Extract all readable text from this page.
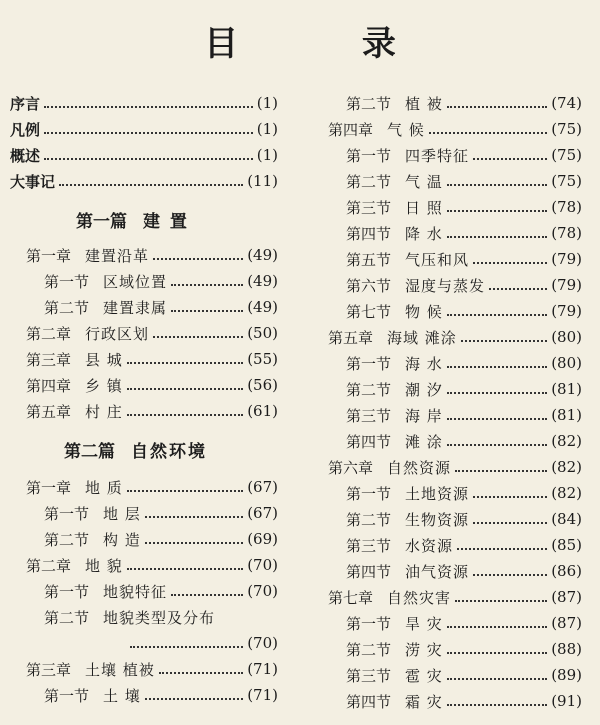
目 录
序言	(1)
凡例	(1)
概述	(1)
大事记	(11)
第一篇 建 置
第一章 建置沿革	(49)
第一节 区域位置	(49)
第二节 建置隶属	(49)
第二章 行政区划	(50)
第三章 县 城	(55)
第四章 乡 镇	(56)
第五章 村 庄	(61)
第二篇 自然环境
第一章 地 质	(67)
第一节 地 层	(67)
第二节 构 造	(69)
第二章 地 貌	(70)
第一节 地貌特征	(70)
第二节 地貌类型及分布
(70)
第三章 土壤 植被	(71)
第一节 土 壤	(71)
第二节 植 被	(74)
第四章 气 候	(75)
第一节 四季特征	(75)
第二节 气 温	(75)
第三节 日 照	(78)
第四节 降 水	(78)
第五节 气压和风	(79)
第六节 湿度与蒸发	(79)
第七节 物 候	(79)
第五章 海域 滩涂	(80)
第一节 海 水	(80)
第二节 潮 汐	(81)
第三节 海 岸	(81)
第四节 滩 涂	(82)
第六章 自然资源	(82)
第一节 土地资源	(82)
第二节 生物资源	(84)
第三节 水资源	(85)
第四节 油气资源	(86)
第七章 自然灾害	(87)
第一节 旱 灾	(87)
第二节 涝 灾	(88)
第三节 雹 灾	(89)
第四节 霜 灾	(91)
